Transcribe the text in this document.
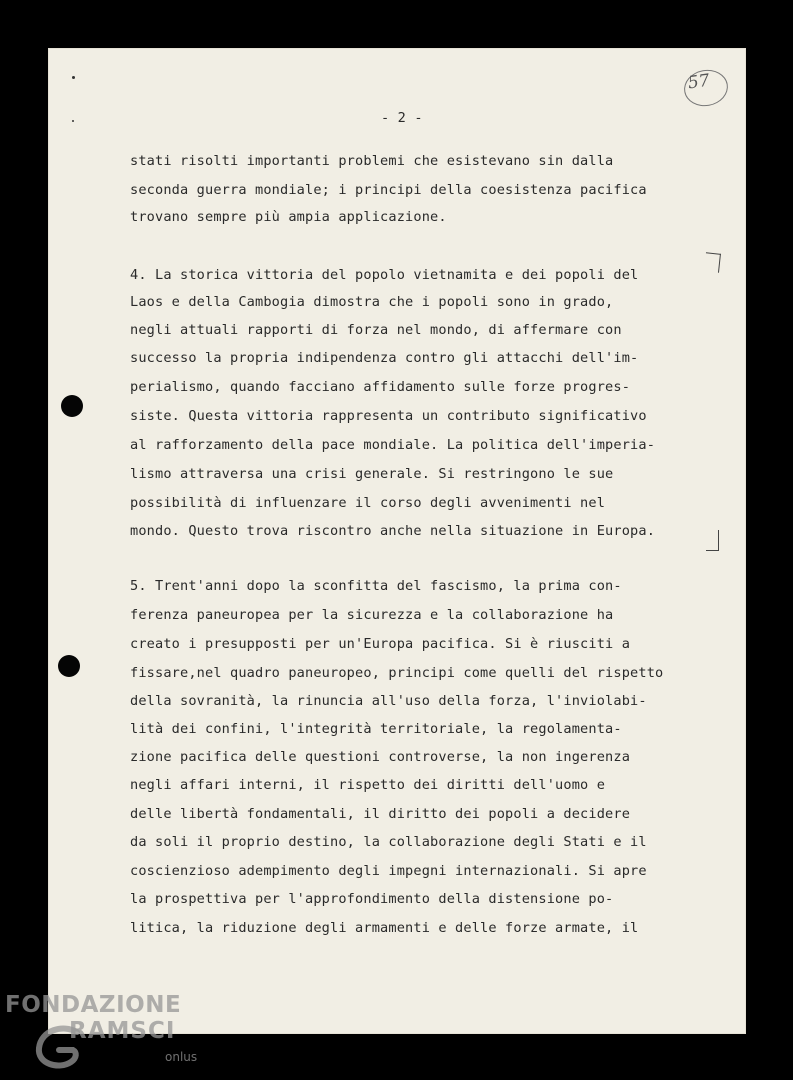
57
- 2 -
stati risolti importanti problemi che esistevano sin dalla
seconda guerra mondiale; i principi della coesistenza pacifica
trovano sempre più ampia applicazione.
4. La storica vittoria del popolo vietnamita e dei popoli del
Laos e della Cambogia dimostra che i popoli sono in grado,
negli attuali rapporti di forza nel mondo, di affermare con
successo la propria indipendenza contro gli attacchi dell'im-
perialismo, quando facciano affidamento sulle forze progres-
siste. Questa vittoria rappresenta un contributo significativo
al rafforzamento della pace mondiale. La politica dell'imperia-
lismo attraversa una crisi generale. Si restringono le sue
possibilità di influenzare il corso degli avvenimenti nel
mondo. Questo trova riscontro anche nella situazione in Europa.
5. Trent'anni dopo la sconfitta del fascismo, la prima con-
ferenza paneuropea per la sicurezza e la collaborazione ha
creato i presupposti per un'Europa pacifica. Si è riusciti a
fissare,nel quadro paneuropeo, principi come quelli del rispetto
della sovranità, la rinuncia all'uso della forza, l'inviolabi-
lità dei confini, l'integrità territoriale, la regolamenta-
zione pacifica delle questioni controverse, la non ingerenza
negli affari interni, il rispetto dei diritti dell'uomo e
delle libertà fondamentali, il diritto dei popoli a decidere
da soli il proprio destino, la collaborazione degli Stati e il
coscienzioso adempimento degli impegni internazionali. Si apre
la prospettiva per l'approfondimento della distensione po-
litica, la riduzione degli armamenti e delle forze armate, il
FONDAZIONE
RAMSCI
onlus
